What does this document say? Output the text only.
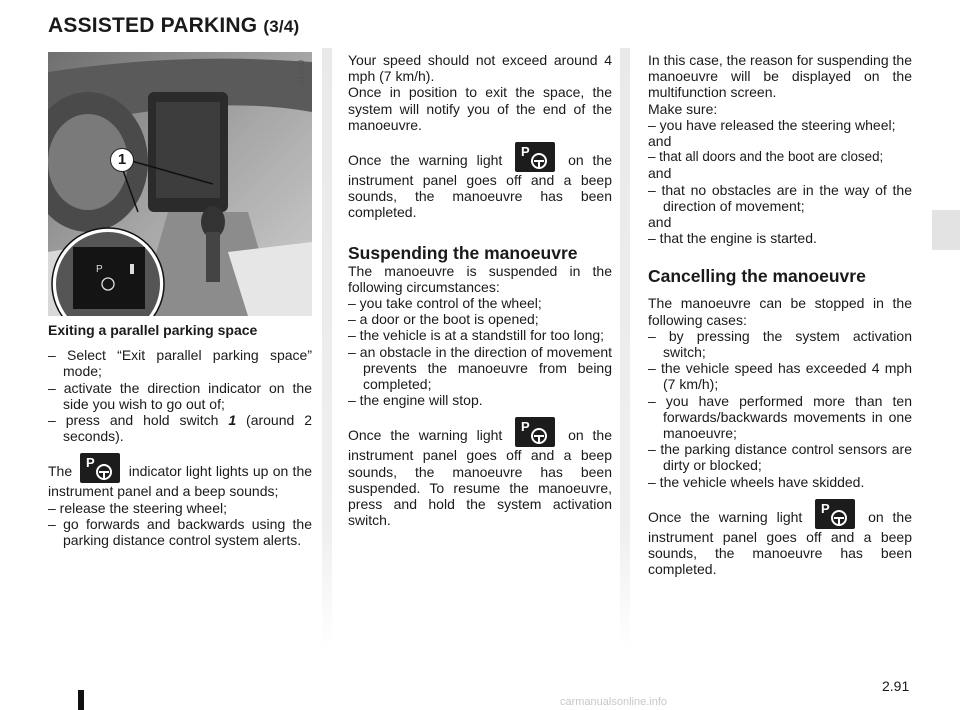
ASSISTED PARKING (3/4)
P
41680
1
Exiting a parallel parking space
– Select “Exit parallel parking space” mode;
– activate the direction indicator on the side you wish to go out of;
– press and hold switch 1 (around 2 seconds).

The
P
indicator light lights up on the instrument panel and a beep sounds;

– release the steering wheel;
– go forwards and backwards using the parking distance control system alerts.

Your speed should not exceed around 4 mph (7 km/h).

Once in position to exit the space, the system will notify you of the end of the manoeuvre.

Once the warning light
P
on the instrument panel goes off and a beep sounds, the manoeuvre has been completed.

Suspending the manoeuvre

The manoeuvre is suspended in the following circumstances:

– you take control of the wheel;
– a door or the boot is opened;
– the vehicle is at a standstill for too long;
– an obstacle in the direction of movement prevents the manoeuvre from being completed;
– the engine will stop.

Once the warning light
P
on the instrument panel goes off and a beep sounds, the manoeuvre has been suspended. To resume the manoeuvre, press and hold the system activation switch.

In this case, the reason for suspending the manoeuvre will be displayed on the multifunction screen.

Make sure:

– you have released the steering wheel;

and

– that all doors and the boot are closed;

and

– that no obstacles are in the way of the direction of movement;

and

– that the engine is started.
Cancelling the manoeuvre

The manoeuvre can be stopped in the following cases:

– by pressing the system activation switch;
– the vehicle speed has exceeded 4 mph (7 km/h);
– you have performed more than ten forwards/backwards movements in one manoeuvre;
– the parking distance control sensors are dirty or blocked;
– the vehicle wheels have skidded.

Once the warning light
P
on the instrument panel goes off and a beep sounds, the manoeuvre has been completed.

2.91
carmanualsonline.info
